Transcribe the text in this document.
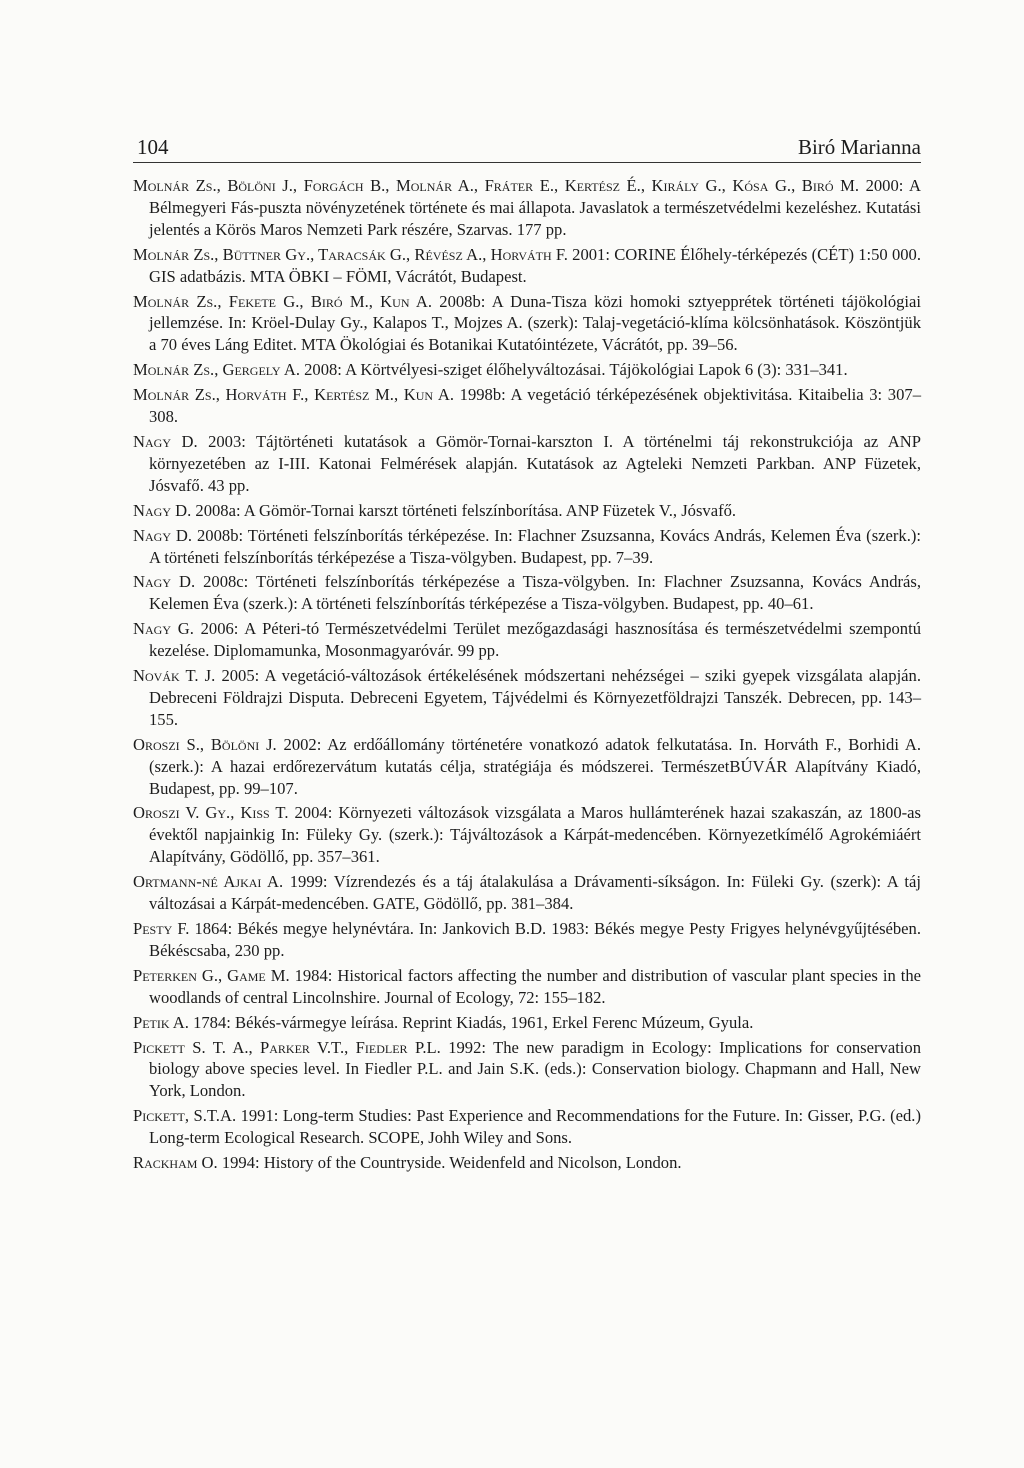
104	Biró Marianna

Molnár Zs., Bölöni J., Forgách B., Molnár A., Fráter E., Kertész É., Király G., Kósa G., Biró M. 2000: A Bélmegyeri Fás-puszta növényzetének története és mai állapota. Javaslatok a természetvédelmi kezeléshez. Kutatási jelentés a Körös Maros Nemzeti Park részére, Szarvas. 177 pp.

Molnár Zs., Büttner Gy., Taracsák G., Révész A., Horváth F. 2001: CORINE Élőhely-térképezés (CÉT) 1:50 000. GIS adatbázis. MTA ÖBKI – FÖMI, Vácrátót, Budapest.

Molnár Zs., Fekete G., Biró M., Kun A. 2008b: A Duna-Tisza közi homoki sztyepprétek történeti tájökológiai jellemzése. In: Kröel-Dulay Gy., Kalapos T., Mojzes A. (szerk): Talaj-vegetáció-klíma kölcsönhatások. Köszöntjük a 70 éves Láng Editet. MTA Ökológiai és Botanikai Kutatóintézete, Vácrátót, pp. 39–56.

Molnár Zs., Gergely A. 2008: A Körtvélyesi-sziget élőhelyváltozásai. Tájökológiai Lapok 6 (3): 331–341.

Molnár Zs., Horváth F., Kertész M., Kun A. 1998b: A vegetáció térképezésének objektivitása. Kitaibelia 3: 307–308.

Nagy D. 2003: Tájtörténeti kutatások a Gömör-Tornai-karszton I. A történelmi táj rekonstrukciója az ANP környezetében az I-III. Katonai Felmérések alapján. Kutatások az Agteleki Nemzeti Parkban. ANP Füzetek, Jósvafő. 43 pp.

Nagy D. 2008a: A Gömör-Tornai karszt történeti felszínborítása. ANP Füzetek V., Jósvafő.

Nagy D. 2008b: Történeti felszínborítás térképezése. In: Flachner Zsuzsanna, Kovács András, Kelemen Éva (szerk.): A történeti felszínborítás térképezése a Tisza-völgyben. Budapest, pp. 7–39.

Nagy D. 2008c: Történeti felszínborítás térképezése a Tisza-völgyben. In: Flachner Zsuzsanna, Kovács András, Kelemen Éva (szerk.): A történeti felszínborítás térképezése a Tisza-völgyben. Budapest, pp. 40–61.

Nagy G. 2006: A Péteri-tó Természetvédelmi Terület mezőgazdasági hasznosítása és természetvédelmi szempontú kezelése. Diplomamunka, Mosonmagyaróvár. 99 pp.

Novák T. J. 2005: A vegetáció-változások értékelésének módszertani nehézségei – sziki gyepek vizsgálata alapján. Debreceni Földrajzi Disputa. Debreceni Egyetem, Tájvédelmi és Környezetföldrajzi Tanszék. Debrecen, pp. 143–155.

Oroszi S., Bölöni J. 2002: Az erdőállomány történetére vonatkozó adatok felkutatása. In. Horváth F., Borhidi A. (szerk.): A hazai erdőrezervátum kutatás célja, stratégiája és módszerei. TermészetBÚVÁR Alapítvány Kiadó, Budapest, pp. 99–107.

Oroszi V. Gy., Kiss T. 2004: Környezeti változások vizsgálata a Maros hullámterének hazai szakaszán, az 1800-as évektől napjainkig In: Füleky Gy. (szerk.): Tájváltozások a Kárpát-medencében. Környezetkímélő Agrokémiáért Alapítvány, Gödöllő, pp. 357–361.

Ortmann-né Ajkai A. 1999: Vízrendezés és a táj átalakulása a Drávamenti-síkságon. In: Füleki Gy. (szerk): A táj változásai a Kárpát-medencében. GATE, Gödöllő, pp. 381–384.

Pesty F. 1864: Békés megye helynévtára. In: Jankovich B.D. 1983: Békés megye Pesty Frigyes helynévgyűjtésében. Békéscsaba, 230 pp.

Peterken G., Game M. 1984: Historical factors affecting the number and distribution of vascular plant species in the woodlands of central Lincolnshire. Journal of Ecology, 72: 155–182.

Petik A. 1784: Békés-vármegye leírása. Reprint Kiadás, 1961, Erkel Ferenc Múzeum, Gyula.

Pickett S. T. A., Parker V.T., Fiedler P.L. 1992: The new paradigm in Ecology: Implications for conservation biology above species level. In Fiedler P.L. and Jain S.K. (eds.): Conservation biology. Chapmann and Hall, New York, London.

Pickett, S.T.A. 1991: Long-term Studies: Past Experience and Recommendations for the Future. In: Gisser, P.G. (ed.) Long-term Ecological Research. SCOPE, Johh Wiley and Sons.

Rackham O. 1994: History of the Countryside. Weidenfeld and Nicolson, London.
